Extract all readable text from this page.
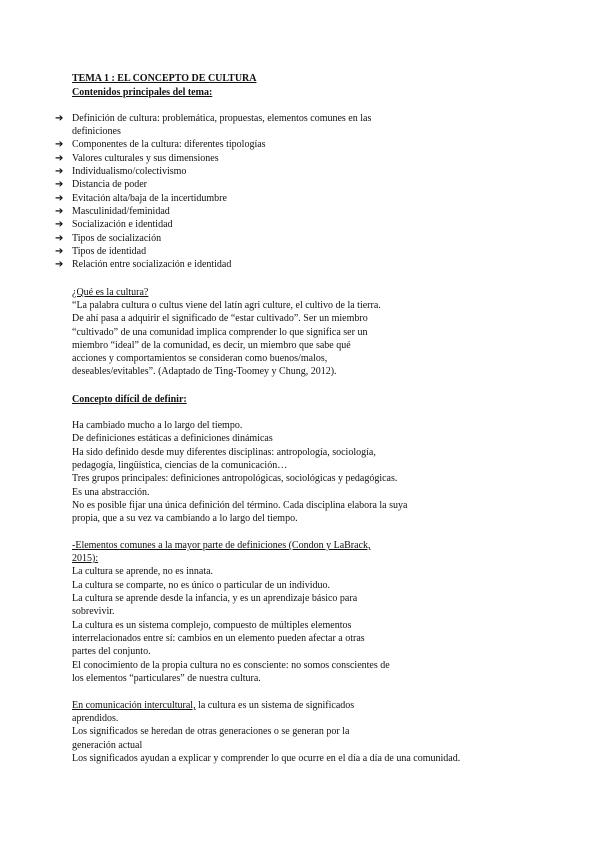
TEMA 1 : EL CONCEPTO DE CULTURA
Contenidos principales del tema:
➔ Definición de cultura: problemática, propuestas, elementos comunes en las
definiciones
➔ Componentes de la cultura: diferentes tipologías
➔ Valores culturales y sus dimensiones
➔ Individualismo/colectivismo
➔ Distancia de poder
➔ Evitación alta/baja de la incertidumbre
➔ Masculinidad/feminidad
➔ Socialización e identidad
➔ Tipos de socialización
➔ Tipos de identidad
➔ Relación entre socialización e identidad
¿Qué es la cultura?
“La palabra cultura o cultus viene del latín agri culture, el cultivo de la tierra.
De ahí pasa a adquirir el significado de “estar cultivado”. Ser un miembro
“cultivado” de una comunidad implica comprender lo que significa ser un
miembro “ideal” de la comunidad, es decir, un miembro que sabe qué
acciones y comportamientos se consideran como buenos/malos,
deseables/evitables”. (Adaptado de Ting-Toomey y Chung, 2012).
Concepto difícil de definir:
Ha cambiado mucho a lo largo del tiempo.
De definiciones estáticas a definiciones dinámicas
Ha sido definido desde muy diferentes disciplinas: antropología, sociología,
pedagogía, lingüística, ciencias de la comunicación…
Tres grupos principales: definiciones antropológicas, sociológicas y pedagógicas.
Es una abstracción.
No es posible fijar una única definición del término. Cada disciplina elabora la suya
propia, que a su vez va cambiando a lo largo del tiempo.
-Elementos comunes a la mayor parte de definiciones (Condon y LaBrack,
2015):
La cultura se aprende, no es innata.
La cultura se comparte, no es único o particular de un individuo.
La cultura se aprende desde la infancia, y es un aprendizaje básico para
sobrevivir.
La cultura es un sistema complejo, compuesto de múltiples elementos
interrelacionados entre sí: cambios en un elemento pueden afectar a otras
partes del conjunto.
El conocimiento de la propia cultura no es consciente: no somos conscientes de
los elementos “particulares” de nuestra cultura.
En comunicación intercultural, la cultura es un sistema de significados
aprendidos.
Los significados se heredan de otras generaciones o se generan por la
generación actual
Los significados ayudan a explicar y comprender lo que ocurre en el día a día de una comunidad.
